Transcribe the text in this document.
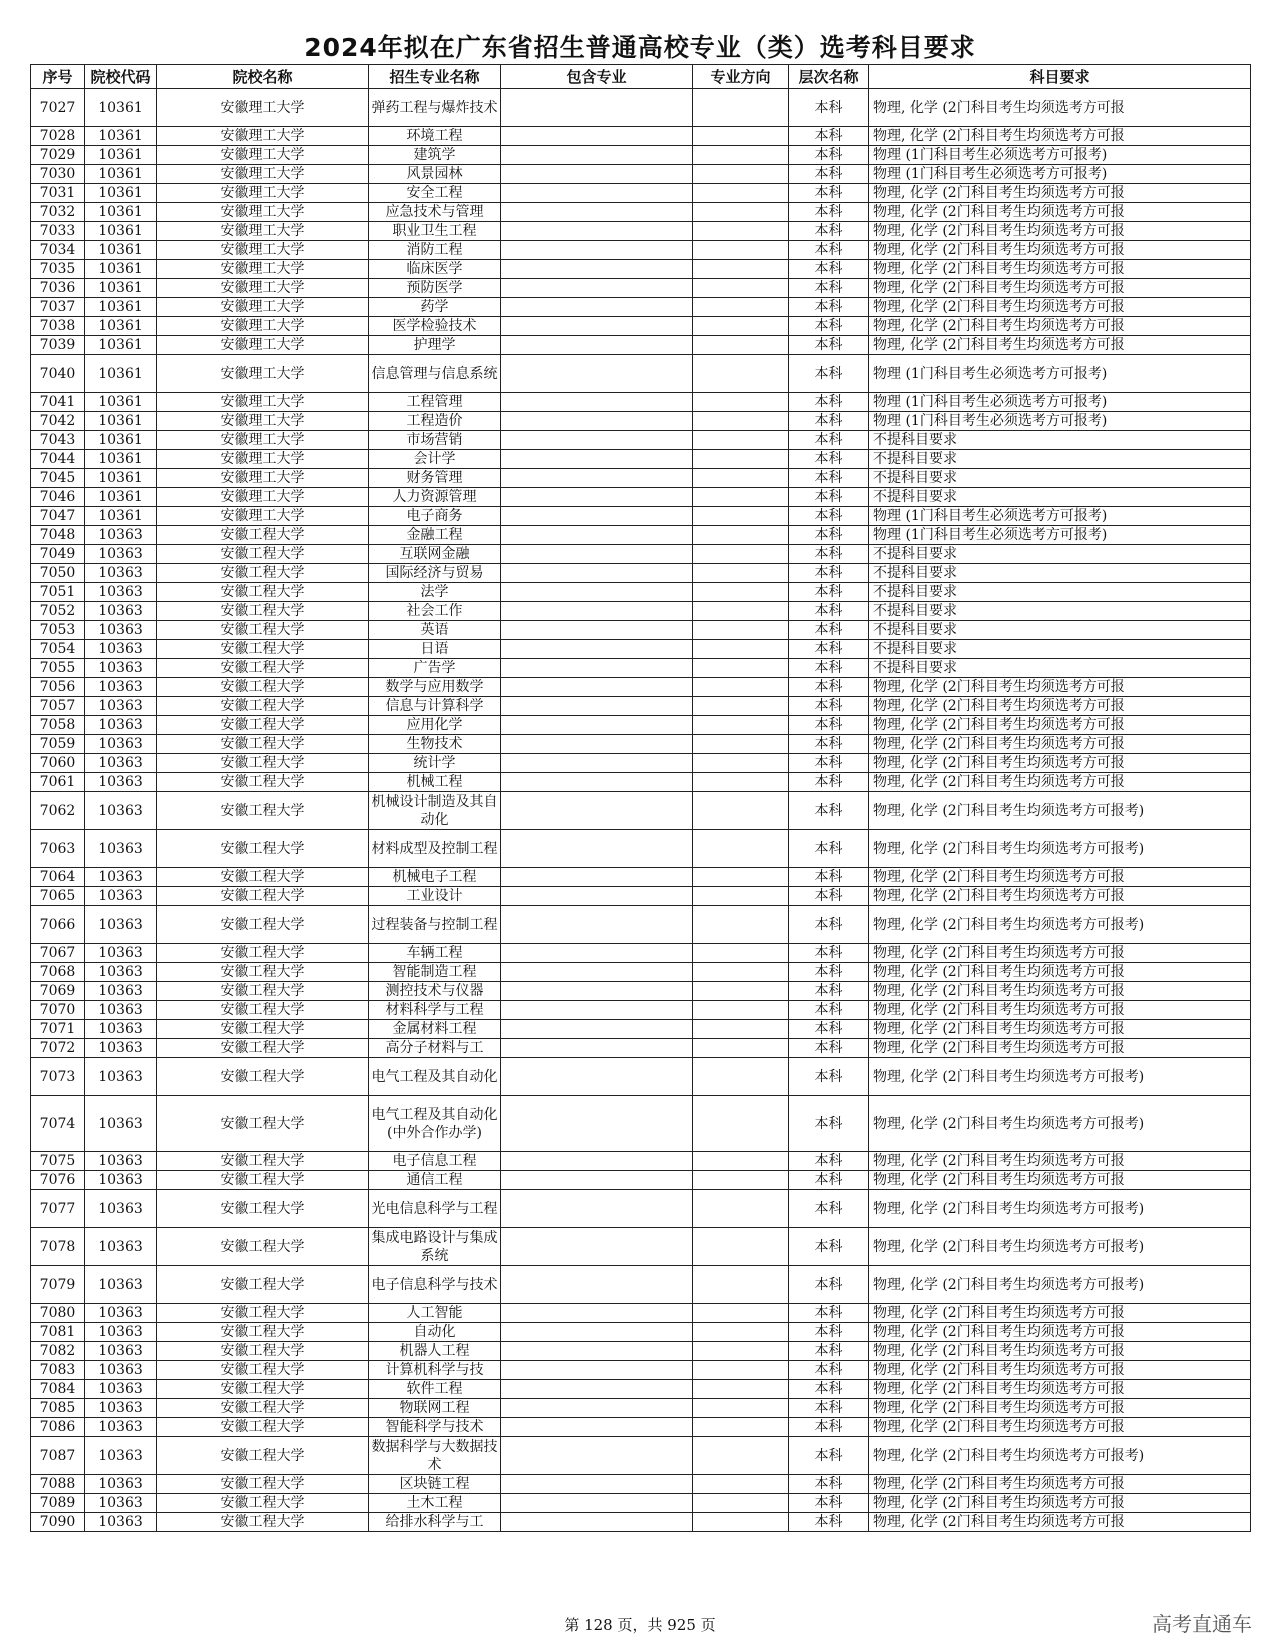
2024年拟在广东省招生普通高校专业（类）选考科目要求
序号	院校代码	院校名称	招生专业名称	包含专业	专业方向	层次名称	科目要求
7027	10361	安徽理工大学	弹药工程与爆炸技术			本科	物理, 化学 (2门科目考生均须选考方可报
7028	10361	安徽理工大学	环境工程			本科	物理, 化学 (2门科目考生均须选考方可报
7029	10361	安徽理工大学	建筑学			本科	物理 (1门科目考生必须选考方可报考)
7030	10361	安徽理工大学	风景园林			本科	物理 (1门科目考生必须选考方可报考)
7031	10361	安徽理工大学	安全工程			本科	物理, 化学 (2门科目考生均须选考方可报
7032	10361	安徽理工大学	应急技术与管理			本科	物理, 化学 (2门科目考生均须选考方可报
7033	10361	安徽理工大学	职业卫生工程			本科	物理, 化学 (2门科目考生均须选考方可报
7034	10361	安徽理工大学	消防工程			本科	物理, 化学 (2门科目考生均须选考方可报
7035	10361	安徽理工大学	临床医学			本科	物理, 化学 (2门科目考生均须选考方可报
7036	10361	安徽理工大学	预防医学			本科	物理, 化学 (2门科目考生均须选考方可报
7037	10361	安徽理工大学	药学			本科	物理, 化学 (2门科目考生均须选考方可报
7038	10361	安徽理工大学	医学检验技术			本科	物理, 化学 (2门科目考生均须选考方可报
7039	10361	安徽理工大学	护理学			本科	物理, 化学 (2门科目考生均须选考方可报
7040	10361	安徽理工大学	信息管理与信息系统			本科	物理 (1门科目考生必须选考方可报考)
7041	10361	安徽理工大学	工程管理			本科	物理 (1门科目考生必须选考方可报考)
7042	10361	安徽理工大学	工程造价			本科	物理 (1门科目考生必须选考方可报考)
7043	10361	安徽理工大学	市场营销			本科	不提科目要求
7044	10361	安徽理工大学	会计学			本科	不提科目要求
7045	10361	安徽理工大学	财务管理			本科	不提科目要求
7046	10361	安徽理工大学	人力资源管理			本科	不提科目要求
7047	10361	安徽理工大学	电子商务			本科	物理 (1门科目考生必须选考方可报考)
7048	10363	安徽工程大学	金融工程			本科	物理 (1门科目考生必须选考方可报考)
7049	10363	安徽工程大学	互联网金融			本科	不提科目要求
7050	10363	安徽工程大学	国际经济与贸易			本科	不提科目要求
7051	10363	安徽工程大学	法学			本科	不提科目要求
7052	10363	安徽工程大学	社会工作			本科	不提科目要求
7053	10363	安徽工程大学	英语			本科	不提科目要求
7054	10363	安徽工程大学	日语			本科	不提科目要求
7055	10363	安徽工程大学	广告学			本科	不提科目要求
7056	10363	安徽工程大学	数学与应用数学			本科	物理, 化学 (2门科目考生均须选考方可报
7057	10363	安徽工程大学	信息与计算科学			本科	物理, 化学 (2门科目考生均须选考方可报
7058	10363	安徽工程大学	应用化学			本科	物理, 化学 (2门科目考生均须选考方可报
7059	10363	安徽工程大学	生物技术			本科	物理, 化学 (2门科目考生均须选考方可报
7060	10363	安徽工程大学	统计学			本科	物理, 化学 (2门科目考生均须选考方可报
7061	10363	安徽工程大学	机械工程			本科	物理, 化学 (2门科目考生均须选考方可报
7062	10363	安徽工程大学	机械设计制造及其自动化			本科	物理, 化学 (2门科目考生均须选考方可报考)
7063	10363	安徽工程大学	材料成型及控制工程			本科	物理, 化学 (2门科目考生均须选考方可报考)
7064	10363	安徽工程大学	机械电子工程			本科	物理, 化学 (2门科目考生均须选考方可报
7065	10363	安徽工程大学	工业设计			本科	物理, 化学 (2门科目考生均须选考方可报
7066	10363	安徽工程大学	过程装备与控制工程			本科	物理, 化学 (2门科目考生均须选考方可报考)
7067	10363	安徽工程大学	车辆工程			本科	物理, 化学 (2门科目考生均须选考方可报
7068	10363	安徽工程大学	智能制造工程			本科	物理, 化学 (2门科目考生均须选考方可报
7069	10363	安徽工程大学	测控技术与仪器			本科	物理, 化学 (2门科目考生均须选考方可报
7070	10363	安徽工程大学	材料科学与工程			本科	物理, 化学 (2门科目考生均须选考方可报
7071	10363	安徽工程大学	金属材料工程			本科	物理, 化学 (2门科目考生均须选考方可报
7072	10363	安徽工程大学	高分子材料与工			本科	物理, 化学 (2门科目考生均须选考方可报
7073	10363	安徽工程大学	电气工程及其自动化			本科	物理, 化学 (2门科目考生均须选考方可报考)
7074	10363	安徽工程大学	电气工程及其自动化(中外合作办学)			本科	物理, 化学 (2门科目考生均须选考方可报考)
7075	10363	安徽工程大学	电子信息工程			本科	物理, 化学 (2门科目考生均须选考方可报
7076	10363	安徽工程大学	通信工程			本科	物理, 化学 (2门科目考生均须选考方可报
7077	10363	安徽工程大学	光电信息科学与工程			本科	物理, 化学 (2门科目考生均须选考方可报考)
7078	10363	安徽工程大学	集成电路设计与集成系统			本科	物理, 化学 (2门科目考生均须选考方可报考)
7079	10363	安徽工程大学	电子信息科学与技术			本科	物理, 化学 (2门科目考生均须选考方可报考)
7080	10363	安徽工程大学	人工智能			本科	物理, 化学 (2门科目考生均须选考方可报
7081	10363	安徽工程大学	自动化			本科	物理, 化学 (2门科目考生均须选考方可报
7082	10363	安徽工程大学	机器人工程			本科	物理, 化学 (2门科目考生均须选考方可报
7083	10363	安徽工程大学	计算机科学与技			本科	物理, 化学 (2门科目考生均须选考方可报
7084	10363	安徽工程大学	软件工程			本科	物理, 化学 (2门科目考生均须选考方可报
7085	10363	安徽工程大学	物联网工程			本科	物理, 化学 (2门科目考生均须选考方可报
7086	10363	安徽工程大学	智能科学与技术			本科	物理, 化学 (2门科目考生均须选考方可报
7087	10363	安徽工程大学	数据科学与大数据技术			本科	物理, 化学 (2门科目考生均须选考方可报考)
7088	10363	安徽工程大学	区块链工程			本科	物理, 化学 (2门科目考生均须选考方可报
7089	10363	安徽工程大学	土木工程			本科	物理, 化学 (2门科目考生均须选考方可报
7090	10363	安徽工程大学	给排水科学与工			本科	物理, 化学 (2门科目考生均须选考方可报
第 128 页，共 925 页	高考直通车
